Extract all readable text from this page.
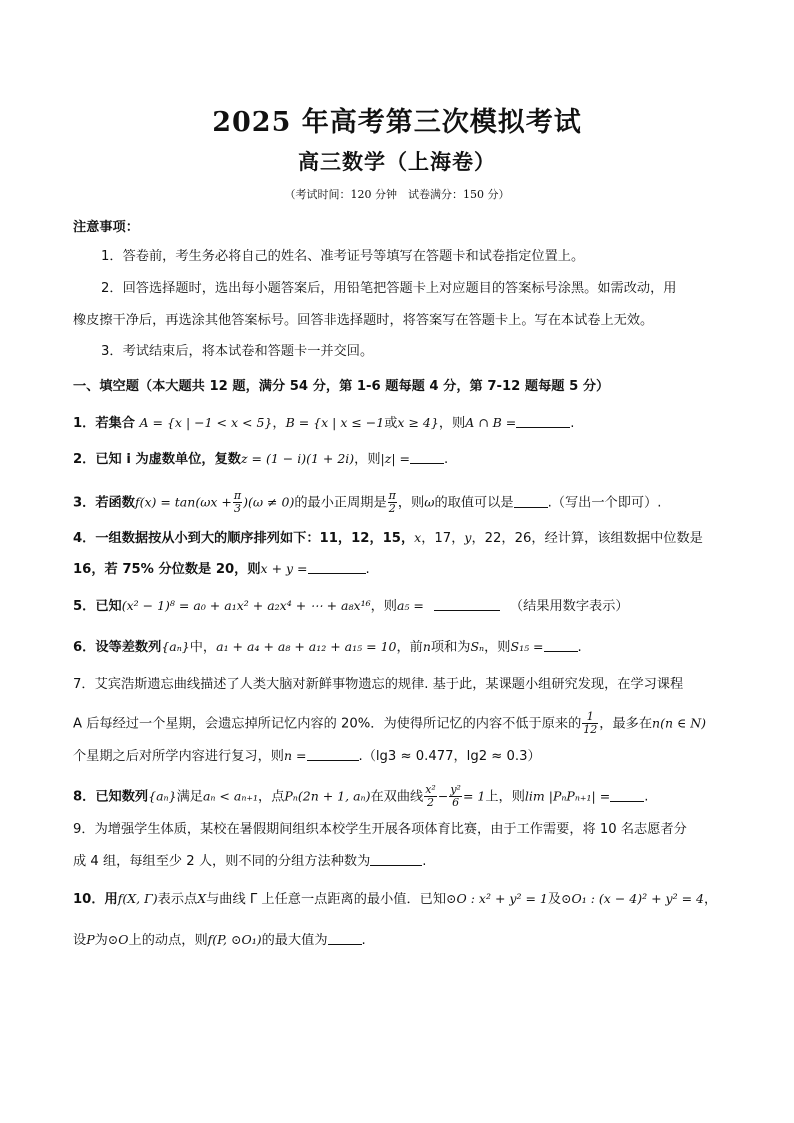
2025 年高考第三次模拟考试
高三数学（上海卷）
（考试时间：120 分钟　试卷满分：150 分）
注意事项：
1．答卷前，考生务必将自己的姓名、准考证号等填写在答题卡和试卷指定位置上。
2．回答选择题时，选出每小题答案后，用铅笔把答题卡上对应题目的答案标号涂黑。如需改动，用
橡皮擦干净后，再选涂其他答案标号。回答非选择题时，将答案写在答题卡上。写在本试卷上无效。
3．考试结束后，将本试卷和答题卡一并交回。
一、填空题（本大题共 12 题，满分 54 分，第 1-6 题每题 4 分，第 7-12 题每题 5 分）
1．若集合 A = {x | −1 < x < 5}，B = {x | x ≤ −1或x ≥ 4}，则A ∩ B =	.
2．已知 i 为虚数单位，复数z = (1 − i)(1 + 2i)，则|z| =	.
3．若函数$f(x) = \tan(\omega x + \frac{\pi}{3} )(\omega \ne 0)$的最小正周期是 $\frac{\pi}{2}$ ，则ω的取值可以是	.（写出一个即可）.
4．一组数据按从小到大的顺序排列如下：11，12，15，x，17，y，22，26，经计算，该组数据中位数是
16，若 75% 分位数是 20，则x + y =	.
5．已知(x² − 1)⁸ = a₀ + a₁x² + a₂x⁴ + ⋯ + a₈x¹⁶，则a₅ =	（结果用数字表示）
6．设等差数列{aₙ}中，a₁ + a₄ + a₈ + a₁₂ + a₁₅ = 10，前n项和为Sₙ，则S₁₅ =	.
7．艾宾浩斯遗忘曲线描述了人类大脑对新鲜事物遗忘的规律. 基于此，某课题小组研究发现，在学习课程
A 后每经过一个星期，会遗忘掉所记忆内容的 20%．为使得所记忆的内容不低于原来的 $\frac{1}{12}$ ，最多在n(n ∈ N)
个星期之后对所学内容进行复习，则n =	.（lg3 ≈ 0.477，lg2 ≈ 0.3）
8．已知数列{aₙ}满足aₙ < aₙ₊₁，点Pₙ(2n + 1, aₙ)在双曲线 $\frac{\text{x²}}{2} - \frac{\text{y²}}{6} = 1$上，则lim |PₙPₙ₊₁| =	.
9．为增强学生体质，某校在暑假期间组织本校学生开展各项体育比赛，由于工作需要，将 10 名志愿者分
成 4 组，每组至少 2 人，则不同的分组方法种数为	.
10．用f(X, Γ)表示点X与曲线 Γ 上任意一点距离的最小值．已知⊙O : x² + y² = 1及⊙O₁ : (x − 4)² + y² = 4，
设P为⊙O上的动点，则f(P, ⊙O₁)的最大值为	.
